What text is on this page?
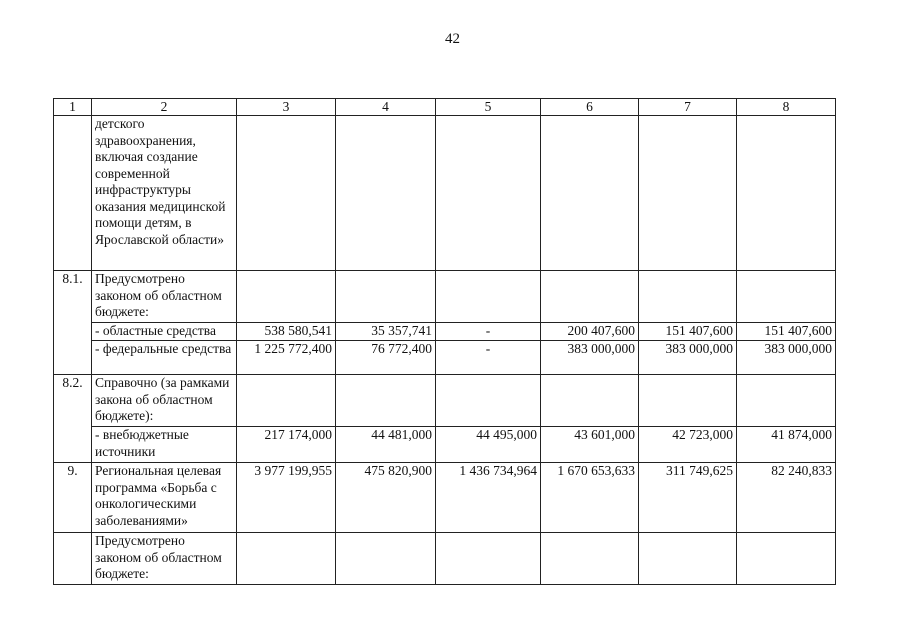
42
1	2	3	4	5	6	7	8
	детского здравоохранения, включая создание современной инфраструктуры оказания медицинской помощи детям, в Ярославской области»						
8.1.	Предусмотрено законом об областном бюджете:						
	- областные средства	538 580,541	35 357,741	-	200 407,600	151 407,600	151 407,600
	- федеральные средства	1 225 772,400	76 772,400	-	383 000,000	383 000,000	383 000,000
8.2.	Справочно (за рамками закона об областном бюджете):						
	- внебюджетные источники	217 174,000	44 481,000	44 495,000	43 601,000	42 723,000	41 874,000
9.	Региональная целевая программа «Борьба с онкологическими заболеваниями»	3 977 199,955	475 820,900	1 436 734,964	1 670 653,633	311 749,625	82 240,833
	Предусмотрено законом об областном бюджете:						
